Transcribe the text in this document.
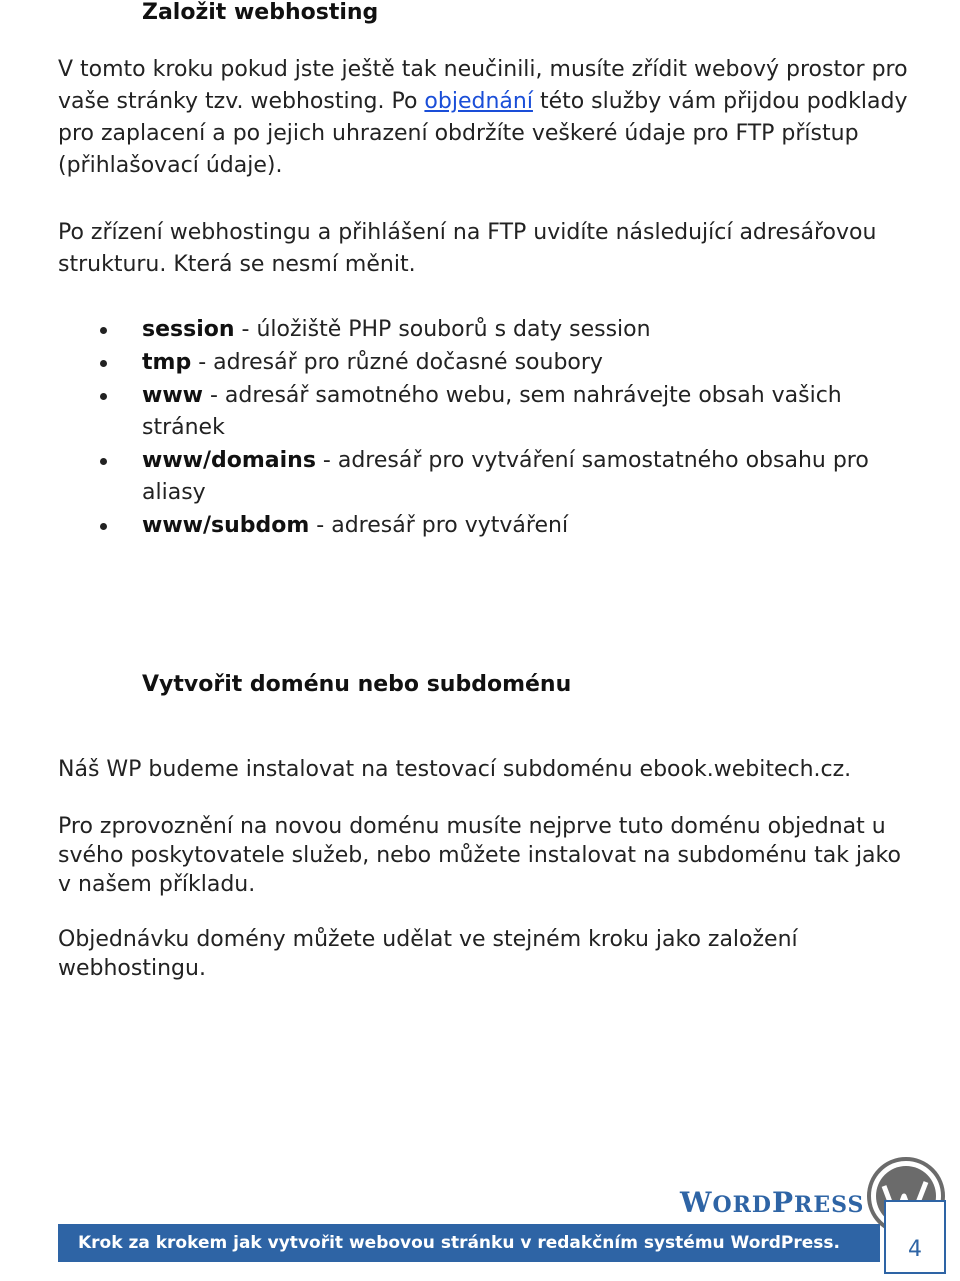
Založit webhosting

V tomto kroku pokud jste ještě tak neučinili, musíte zřídit webový prostor pro vaše stránky tzv. webhosting. Po objednání této služby vám přijdou podklady pro zaplacení a po jejich uhrazení obdržíte veškeré údaje pro FTP přístup (přihlašovací údaje).

Po zřízení webhostingu a přihlášení na FTP uvidíte následující adresářovou strukturu. Která se nesmí měnit.

session - úložiště PHP souborů s daty session
tmp - adresář pro různé dočasné soubory
www - adresář samotného webu, sem nahrávejte obsah vašich stránek
www/domains - adresář pro vytváření samostatného obsahu pro aliasy
www/subdom - adresář pro vytváření
Vytvořit doménu nebo subdoménu

Náš WP budeme instalovat na testovací subdoménu ebook.webitech.cz.

Pro zprovoznění na novou doménu musíte nejprve tuto doménu objednat u svého poskytovatele služeb, nebo můžete instalovat na subdoménu tak jako v našem příkladu.

Objednávku domény můžete udělat ve stejném kroku jako založení webhostingu.

WORDPRESS
Krok za krokem jak vytvořit webovou stránku v redakčním systému WordPress.	4
